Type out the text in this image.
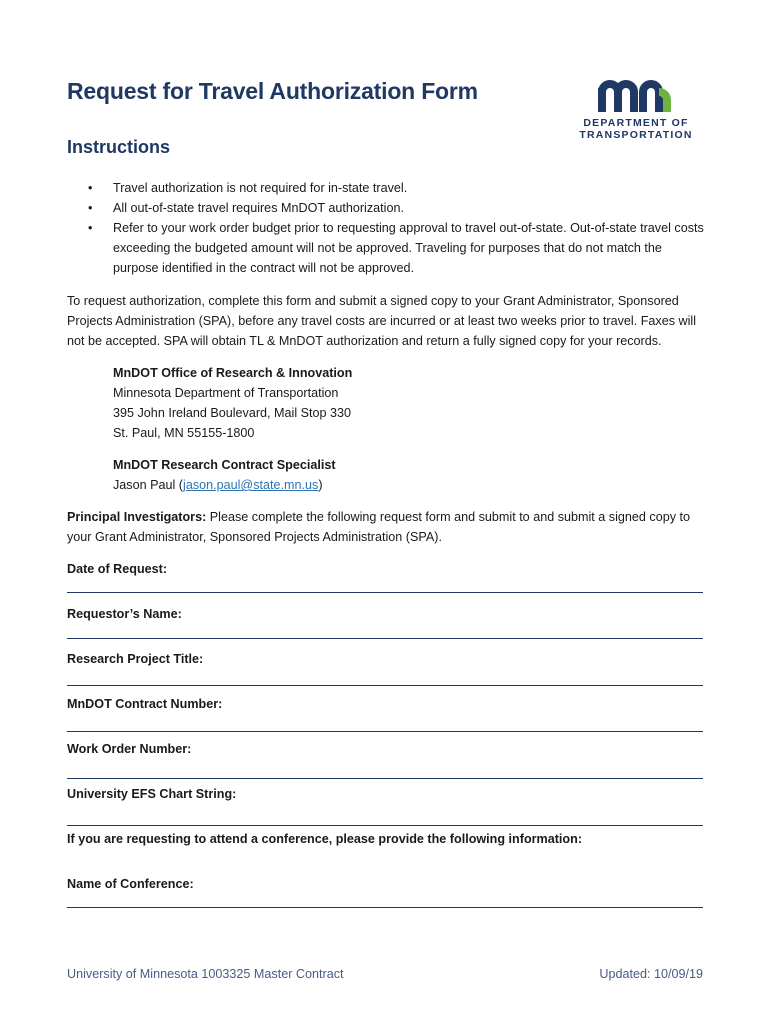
Request for Travel Authorization Form
Instructions
DEPARTMENT OF
TRANSPORTATION
• Travel authorization is not required for in-state travel.
• All out-of-state travel requires MnDOT authorization.
• Refer to your work order budget prior to requesting approval to travel out-of-state. Out-of-state travel costs exceeding the budgeted amount will not be approved. Traveling for purposes that do not match the purpose identified in the contract will not be approved.

To request authorization, complete this form and submit a signed copy to your Grant Administrator, Sponsored Projects Administration (SPA), before any travel costs are incurred or at least two weeks prior to travel. Faxes will not be accepted. SPA will obtain TL & MnDOT authorization and return a fully signed copy for your records.

MnDOT Office of Research & Innovation
Minnesota Department of Transportation
395 John Ireland Boulevard, Mail Stop 330
St. Paul, MN 55155-1800
MnDOT Research Contract Specialist
Jason Paul (jason.paul@state.mn.us)

Principal Investigators: Please complete the following request form and submit to and submit a signed copy to your Grant Administrator, Sponsored Projects Administration (SPA).

Date of Request:

Requestor’s Name:

Research Project Title:

MnDOT Contract Number:

Work Order Number:

University EFS Chart String:

If you are requesting to attend a conference, please provide the following information:

Name of Conference:

University of Minnesota 1003325 Master Contract	Updated: 10/09/19
